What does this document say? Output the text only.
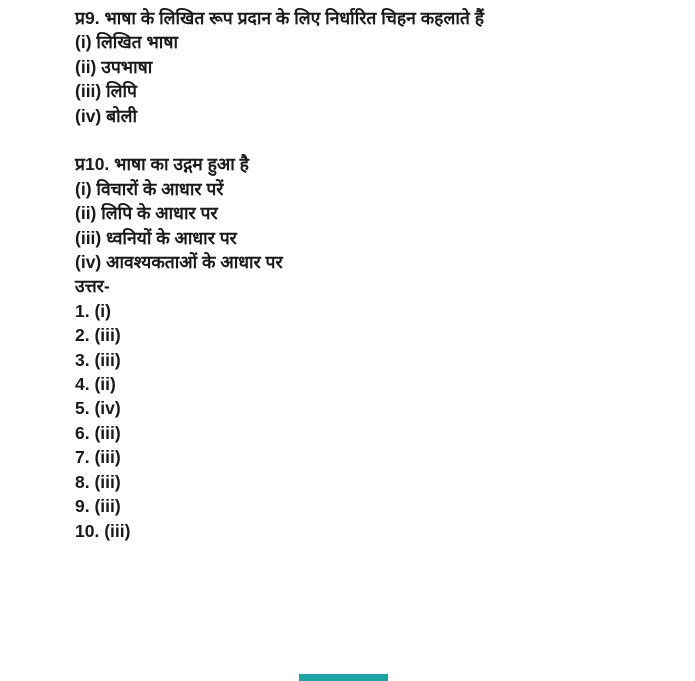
प्र9. भाषा के लिखित रूप प्रदान के लिए निर्धारित चिहन कहलाते हैं
(i) लिखित भाषा
(ii) उपभाषा
(iii) लिपि
(iv) बोली
प्र10. भाषा का उद्गम हुआ है
(i) विचारों के आधार परें
(ii) लिपि के आधार पर
(iii) ध्वनियों के आधार पर
(iv) आवश्यकताओं के आधार पर
उत्तर-
1. (i)
2. (iii)
3. (iii)
4. (ii)
5. (iv)
6. (iii)
7. (iii)
8. (iii)
9. (iii)
10. (iii)
